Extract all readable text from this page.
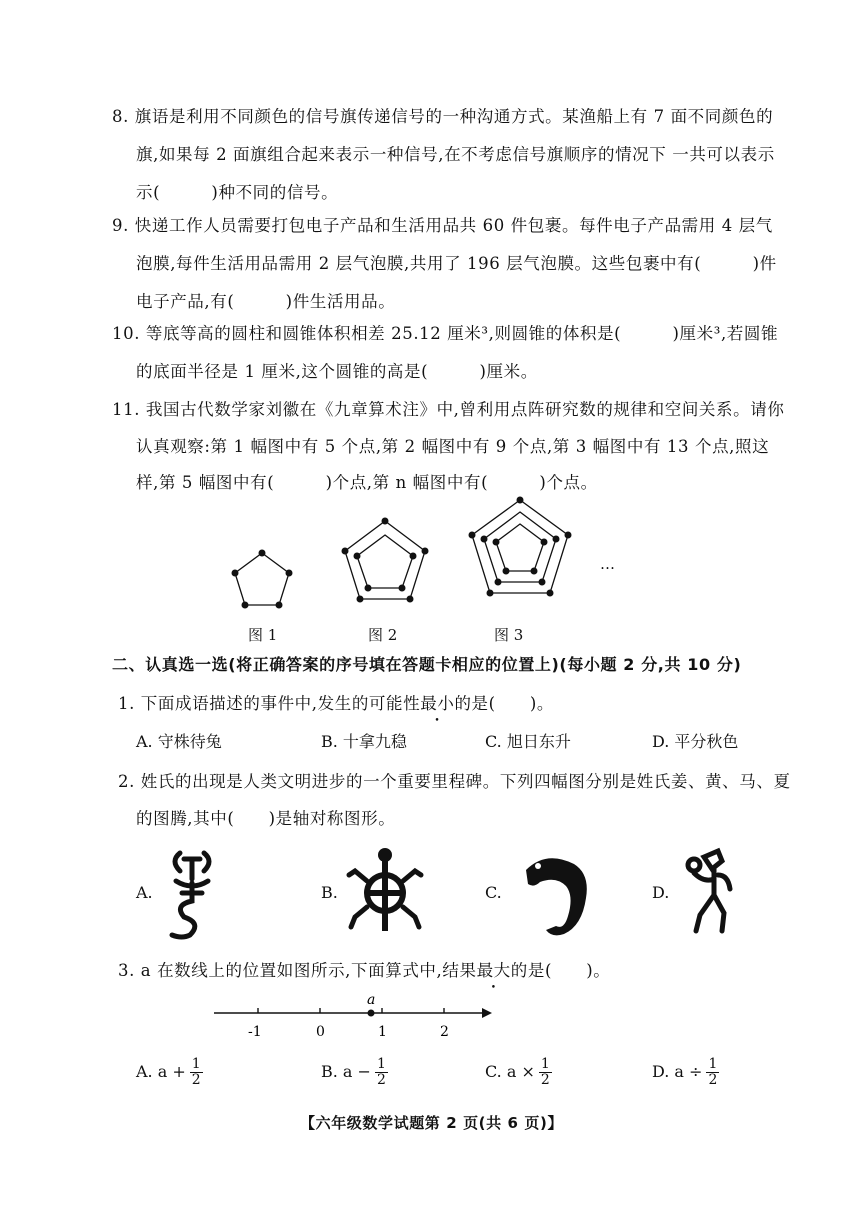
8. 旗语是利用不同颜色的信号旗传递信号的一种沟通方式。某渔船上有 7 面不同颜色的
旗,如果每 2 面旗组合起来表示一种信号,在不考虑信号旗顺序的情况下 一共可以表示
示(　　　)种不同的信号。
9. 快递工作人员需要打包电子产品和生活用品共 60 件包裹。每件电子产品需用 4 层气
泡膜,每件生活用品需用 2 层气泡膜,共用了 196 层气泡膜。这些包裹中有(　　　)件
电子产品,有(　　　)件生活用品。
10. 等底等高的圆柱和圆锥体积相差 25.12 厘米³,则圆锥的体积是(　　　)厘米³,若圆锥
的底面半径是 1 厘米,这个圆锥的高是(　　　)厘米。
11. 我国古代数学家刘徽在《九章算术注》中,曾利用点阵研究数的规律和空间关系。请你
认真观察:第 1 幅图中有 5 个点,第 2 幅图中有 9 个点,第 3 幅图中有 13 个点,照这
样,第 5 幅图中有(　　　)个点,第 n 幅图中有(　　　)个点。
…
图 1	图 2	图 3
二、认真选一选(将正确答案的序号填在答题卡相应的位置上)(每小题 2 分,共 10 分)
1. 下面成语描述的事件中,发生的可能性最小的是(　　)。
A. 守株待兔	B. 十拿九稳	C. 旭日东升	D. 平分秋色
2. 姓氏的出现是人类文明进步的一个重要里程碑。下列四幅图分别是姓氏姜、黄、马、夏
的图腾,其中(　　)是轴对称图形。
A.	B.	C.	D.
3. a 在数线上的位置如图所示,下面算式中,结果最大的是(　　)。
a
-1	0	1	2
A. $a + \frac{1}{2}$	B. $a - \frac{1}{2}$	C. $a \times \frac{1}{2}$	D. $a \div \frac{1}{2}$
【六年级数学试题第 2 页(共 6 页)】
